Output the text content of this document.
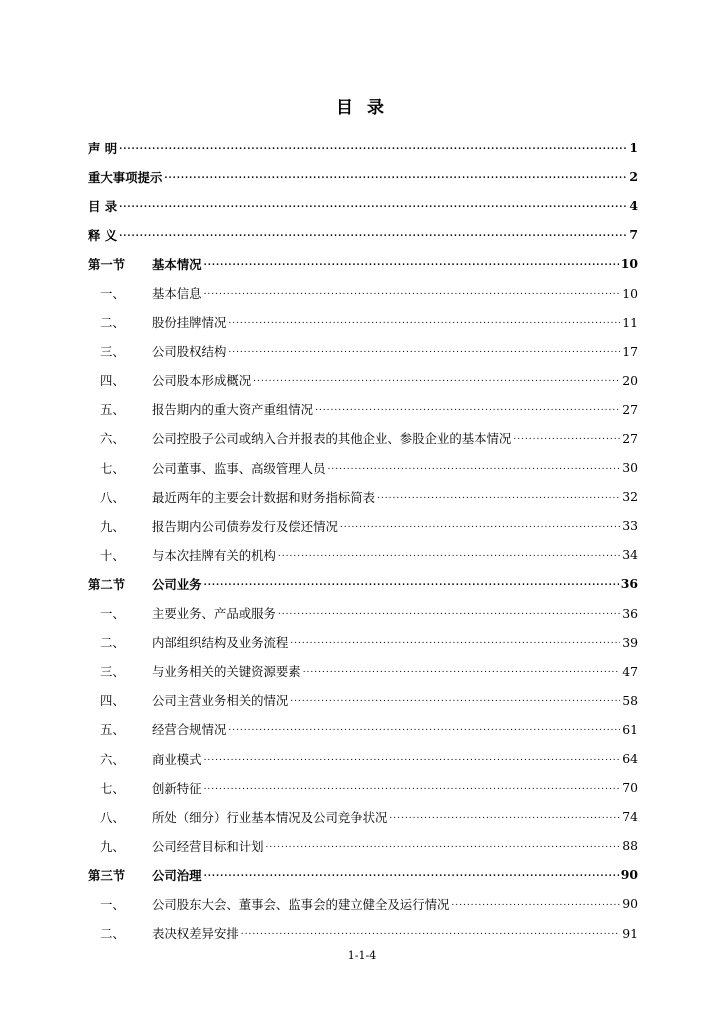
目 录
声 明 .....	1
重大事项提示 .....	2
目 录 .....	4
释 义 .....	7
第一节	基本情况 .....	10
一、	基本信息 .....	10
二、	股份挂牌情况 .....	11
三、	公司股权结构 .....	17
四、	公司股本形成概况 .....	20
五、	报告期内的重大资产重组情况 .....	27
六、	公司控股子公司或纳入合并报表的其他企业、参股企业的基本情况 .....	27
七、	公司董事、监事、高级管理人员 .....	30
八、	最近两年的主要会计数据和财务指标简表 .....	32
九、	报告期内公司债券发行及偿还情况 .....	33
十、	与本次挂牌有关的机构 .....	34
第二节	公司业务 .....	36
一、	主要业务、产品或服务 .....	36
二、	内部组织结构及业务流程 .....	39
三、	与业务相关的关键资源要素 .....	47
四、	公司主营业务相关的情况 .....	58
五、	经营合规情况 .....	61
六、	商业模式 .....	64
七、	创新特征 .....	70
八、	所处（细分）行业基本情况及公司竞争状况 .....	74
九、	公司经营目标和计划 .....	88
第三节	公司治理 .....	90
一、	公司股东大会、董事会、监事会的建立健全及运行情况 .....	90
二、	表决权差异安排 .....	91
1-1-4
